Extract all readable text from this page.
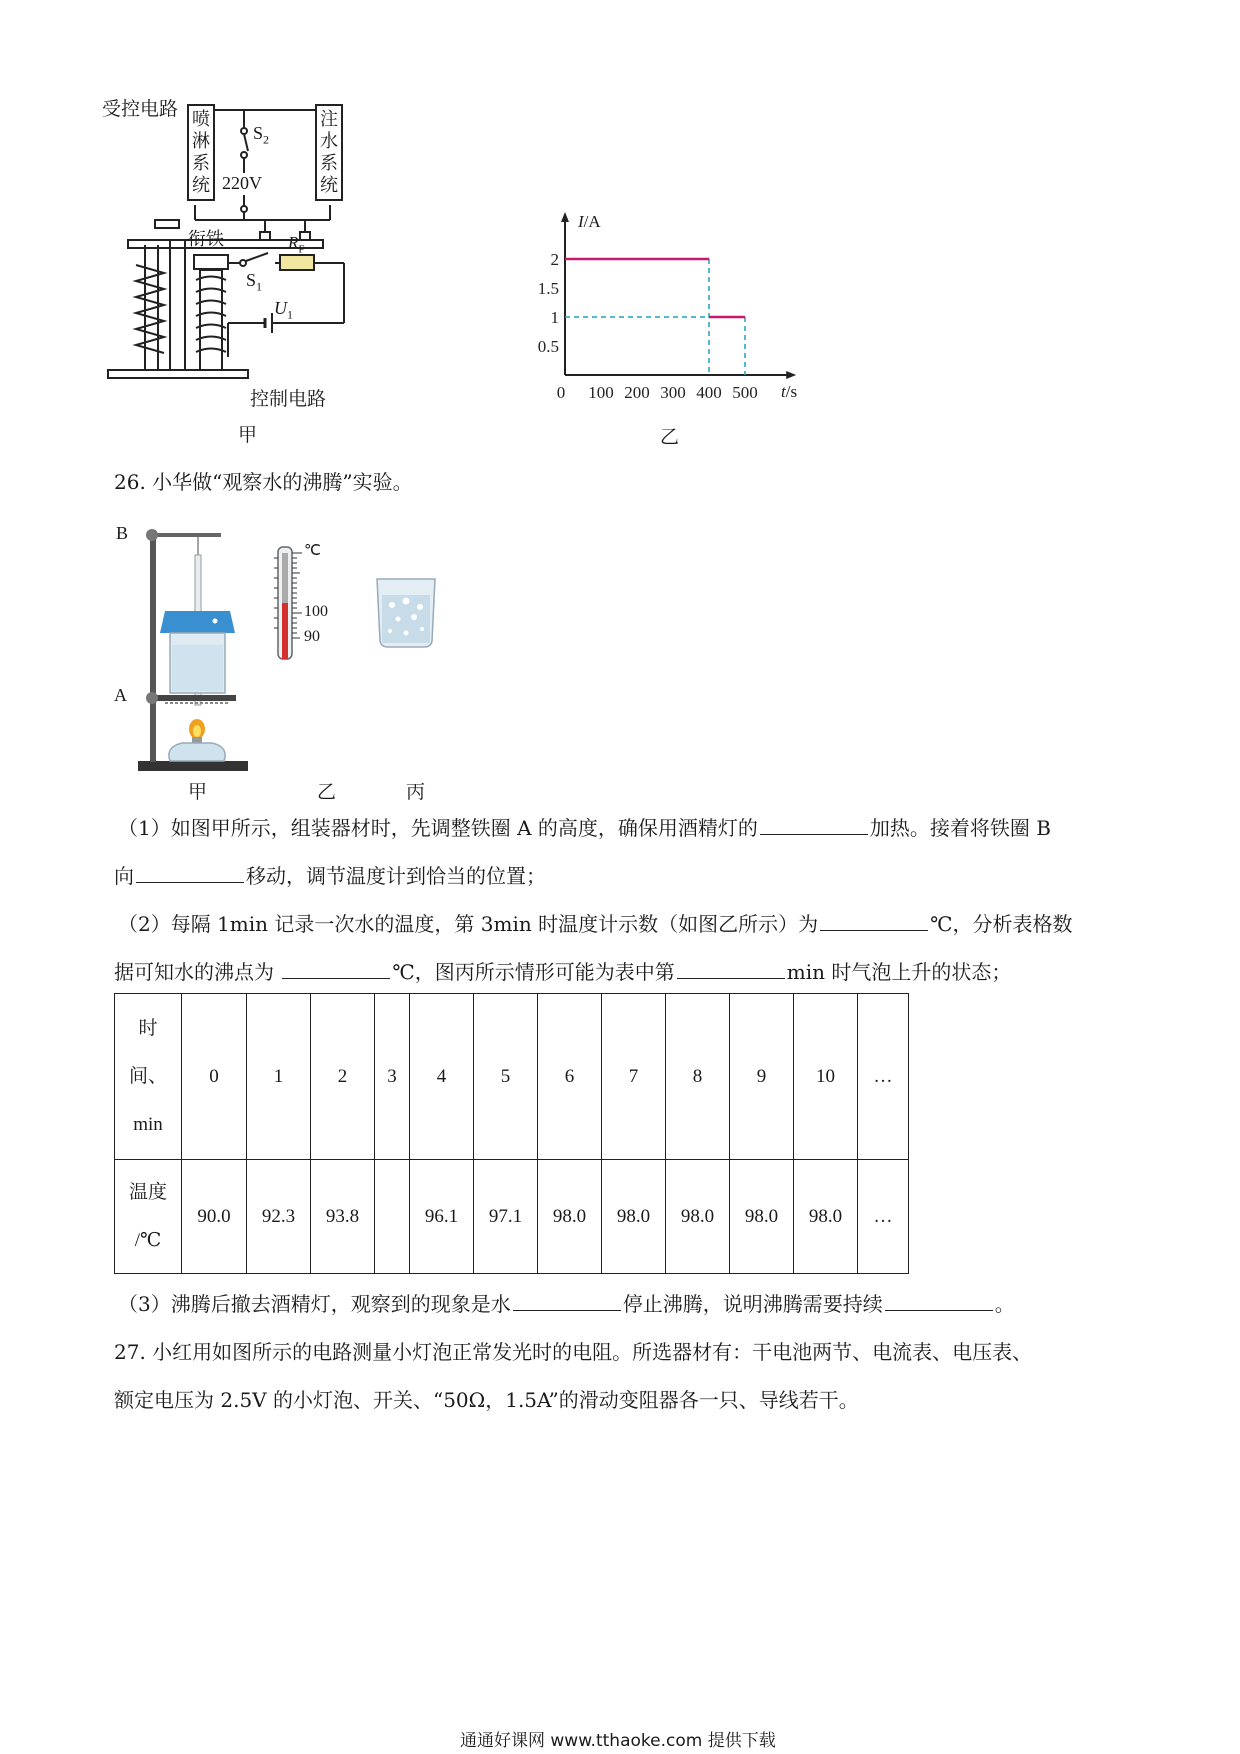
受控电路 喷
淋
系
统
注
水
系
统
$S_2$
220V
衔铁	$R_F$
$S_1$
$U_1$
控制电路
甲
0 100 200 300 400 500
0.5
1
1.5
2
I/A
t/s
乙
26. 小华做“观察水的沸腾”实验。
B
A
℃
100
90
甲	乙	丙
（1）如图甲所示，组装器材时，先调整铁圈 A 的高度，确保用酒精灯的	加热。接着将铁圈 B
向	移动，调节温度计到恰当的位置；
（2）每隔 1min 记录一次水的温度，第 3min 时温度计示数（如图乙所示）为	℃，分析表格数
据可知水的沸点为	℃，图丙所示情形可能为表中第	min 时气泡上升的状态；
时
间、
min	0	1	2	3	4	5	6	7	8	9	10	…

温度
/℃	90.0	92.3	93.8		96.1	97.1	98.0	98.0	98.0	98.0	98.0	…
（3）沸腾后撤去酒精灯，观察到的现象是水	停止沸腾，说明沸腾需要持续	。
27. 小红用如图所示的电路测量小灯泡正常发光时的电阻。所选器材有：干电池两节、电流表、电压表、
额定电压为 2.5V 的小灯泡、开关、“50Ω，1.5A”的滑动变阻器各一只、导线若干。
通通好课网 www.tthaoke.com 提供下载
